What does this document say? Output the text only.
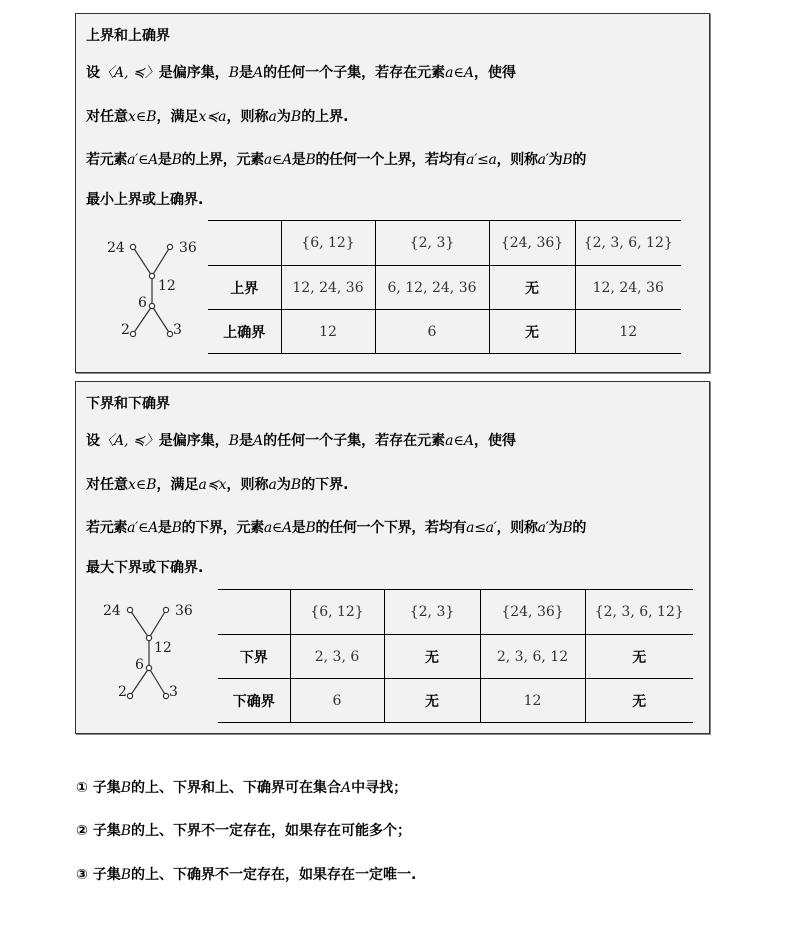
上界和上确界
设〈A, ≼〉是偏序集，B是A的任何一个子集，若存在元素a∈A，使得
对任意x∈B，满足x≼a，则称a为B的上界.
若元素a′∈A是B的上界，元素a∈A是B的任何一个上界，若均有a′≤a，则称a′为B的
最小上界或上确界.
24	36
12
6
2	3
	{6, 12}	{2, 3}	{24, 36}	{2, 3, 6, 12}
上界	12, 24, 36	6, 12, 24, 36	无	12, 24, 36
上确界	12	6	无	12
下界和下确界
设〈A, ≼〉是偏序集，B是A的任何一个子集，若存在元素a∈A，使得
对任意x∈B，满足a≼x，则称a为B的下界.
若元素a′∈A是B的下界，元素a∈A是B的任何一个下界，若均有a≤a′，则称a′为B的
最大下界或下确界.
24	36
12
6
2	3
	{6, 12}	{2, 3}	{24, 36}	{2, 3, 6, 12}
下界	2, 3, 6	无	2, 3, 6, 12	无
下确界	6	无	12	无
① 子集B的上、下界和上、下确界可在集合A中寻找；
② 子集B的上、下界不一定存在，如果存在可能多个；
③ 子集B的上、下确界不一定存在，如果存在一定唯一.
